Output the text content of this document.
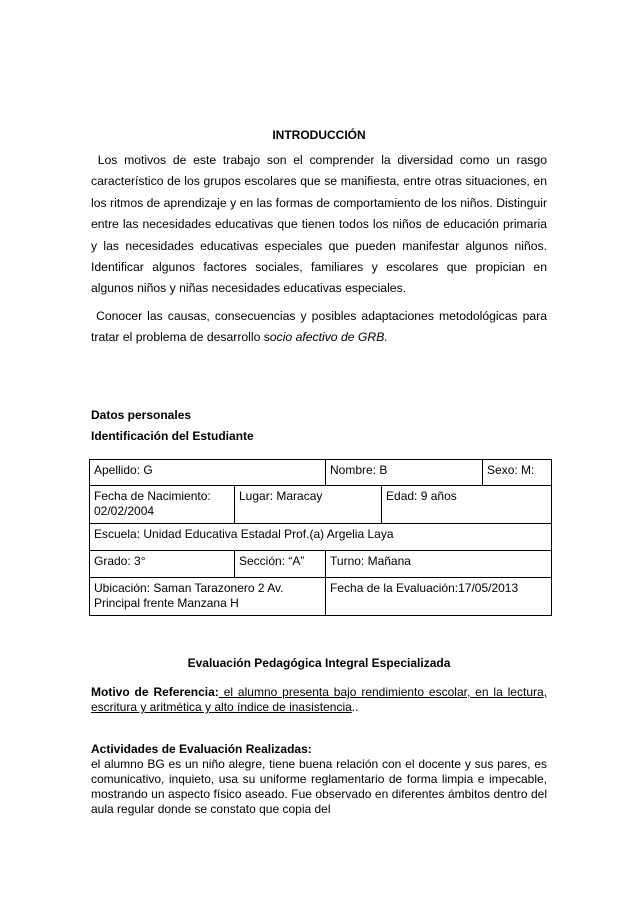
INTRODUCCIÓN

Los motivos de este trabajo son el comprender la diversidad como un rasgo característico de los grupos escolares que se manifiesta, entre otras situaciones, en los ritmos de aprendizaje y en las formas de comportamiento de los niños. Distinguir entre las necesidades educativas que tienen todos los niños de educación primaria y las necesidades educativas especiales que pueden manifestar algunos niños. Identificar algunos factores sociales, familiares y escolares que propician en algunos niños y niñas necesidades educativas especiales.

Conocer las causas, consecuencias y posibles adaptaciones metodológicas para tratar el problema de desarrollo socio afectivo de GRB.

Datos personales
Identificación del Estudiante
Apellido: G		Nombre: B		Sexo: M:

Fecha de Nacimiento:
02/02/2004	Lugar: Maracay		Edad: 9 años	
Escuela: Unidad Educativa Estadal Prof.(a) Argelia Laya				
Grado: 3°	Sección: “A”	Turno: Mañana		

Ubicación: Saman Tarazonero 2 Av.
Principal frente Manzana H		Fecha de la Evaluación:17/05/2013		
Evaluación Pedagógica Integral Especializada

Motivo de Referencia: el alumno presenta bajo rendimiento escolar, en la lectura, escritura y aritmética y alto índice de inasistencia..

Actividades de Evaluación Realizadas:
el alumno BG es un niño alegre, tiene buena relación con el docente y sus pares, es comunicativo, inquieto, usa su uniforme reglamentario de forma limpia e impecable, mostrando un aspecto físico aseado. Fue observado en diferentes ámbitos dentro del aula regular donde se constato que copia del
